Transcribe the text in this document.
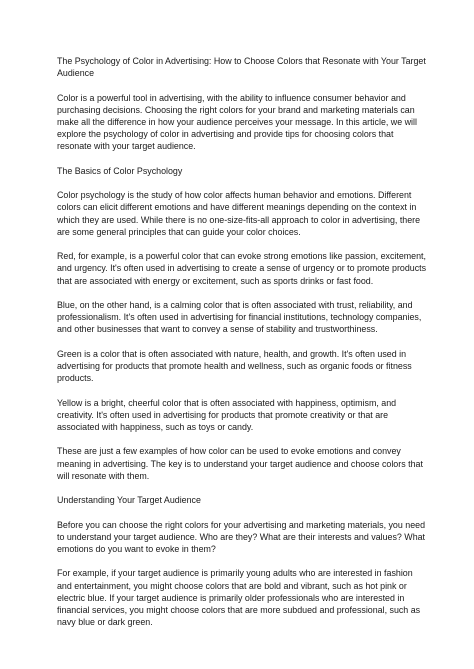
The Psychology of Color in Advertising: How to Choose Colors that Resonate with Your Target Audience

Color is a powerful tool in advertising, with the ability to influence consumer behavior and purchasing decisions. Choosing the right colors for your brand and marketing materials can make all the difference in how your audience perceives your message. In this article, we will explore the psychology of color in advertising and provide tips for choosing colors that resonate with your target audience.

The Basics of Color Psychology

Color psychology is the study of how color affects human behavior and emotions. Different colors can elicit different emotions and have different meanings depending on the context in which they are used. While there is no one-size-fits-all approach to color in advertising, there are some general principles that can guide your color choices.

Red, for example, is a powerful color that can evoke strong emotions like passion, excitement, and urgency. It's often used in advertising to create a sense of urgency or to promote products that are associated with energy or excitement, such as sports drinks or fast food.

Blue, on the other hand, is a calming color that is often associated with trust, reliability, and professionalism. It's often used in advertising for financial institutions, technology companies, and other businesses that want to convey a sense of stability and trustworthiness.

Green is a color that is often associated with nature, health, and growth. It's often used in advertising for products that promote health and wellness, such as organic foods or fitness products.

Yellow is a bright, cheerful color that is often associated with happiness, optimism, and creativity. It's often used in advertising for products that promote creativity or that are associated with happiness, such as toys or candy.

These are just a few examples of how color can be used to evoke emotions and convey meaning in advertising. The key is to understand your target audience and choose colors that will resonate with them.

Understanding Your Target Audience

Before you can choose the right colors for your advertising and marketing materials, you need to understand your target audience. Who are they? What are their interests and values? What emotions do you want to evoke in them?

For example, if your target audience is primarily young adults who are interested in fashion and entertainment, you might choose colors that are bold and vibrant, such as hot pink or electric blue. If your target audience is primarily older professionals who are interested in financial services, you might choose colors that are more subdued and professional, such as navy blue or dark green.
